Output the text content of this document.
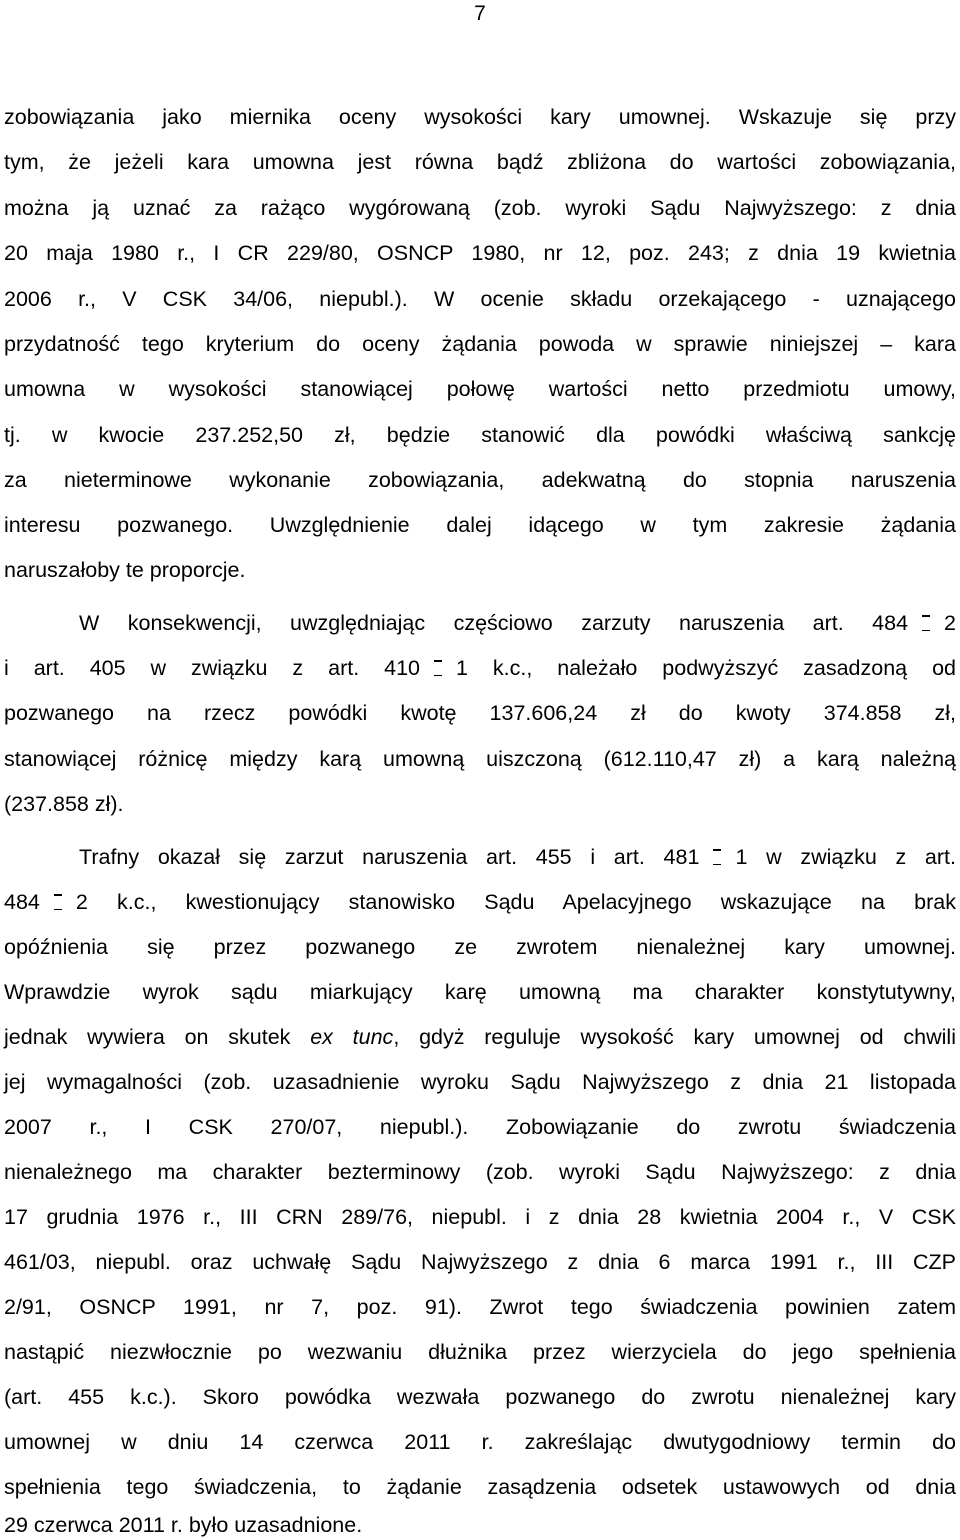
7
zobowiązania jako miernika oceny wysokości kary umownej. Wskazuje się przy
tym, że jeżeli kara umowna jest równa bądź zbliżona do wartości zobowiązania,
można ją uznać za rażąco wygórowaną (zob. wyroki Sądu Najwyższego: z dnia
20 maja 1980 r., I CR 229/80, OSNCP 1980, nr 12, poz. 243; z dnia 19 kwietnia
2006 r., V CSK 34/06, niepubl.). W ocenie składu orzekającego - uznającego
przydatność tego kryterium do oceny żądania powoda w sprawie niniejszej – kara
umowna w wysokości stanowiącej połowę wartości netto przedmiotu umowy,
tj. w kwocie 237.252,50 zł, będzie stanowić dla powódki właściwą sankcję
za nieterminowe wykonanie zobowiązania, adekwatną do stopnia naruszenia
interesu pozwanego. Uwzględnienie dalej idącego w tym zakresie żądania
naruszałoby te proporcje.
W konsekwencji, uwzględniając częściowo zarzuty naruszenia art. 484 2
i art. 405 w związku z art. 410 1 k.c., należało podwyższyć zasadzoną od
pozwanego na rzecz powódki kwotę 137.606,24 zł do kwoty 374.858 zł,
stanowiącej różnicę między karą umowną uiszczoną (612.110,47 zł) a karą należną
(237.858 zł).
Trafny okazał się zarzut naruszenia art. 455 i art. 481 1 w związku z art.
484 2 k.c., kwestionujący stanowisko Sądu Apelacyjnego wskazujące na brak
opóźnienia się przez pozwanego ze zwrotem nienależnej kary umownej.
Wprawdzie wyrok sądu miarkujący karę umowną ma charakter konstytutywny,
jednak wywiera on skutek ex tunc, gdyż reguluje wysokość kary umownej od chwili
jej wymagalności (zob. uzasadnienie wyroku Sądu Najwyższego z dnia 21 listopada
2007 r., I CSK 270/07, niepubl.). Zobowiązanie do zwrotu świadczenia
nienależnego ma charakter bezterminowy (zob. wyroki Sądu Najwyższego: z dnia
17 grudnia 1976 r., III CRN 289/76, niepubl. i z dnia 28 kwietnia 2004 r., V CSK
461/03, niepubl. oraz uchwałę Sądu Najwyższego z dnia 6 marca 1991 r., III CZP
2/91, OSNCP 1991, nr 7, poz. 91). Zwrot tego świadczenia powinien zatem
nastąpić niezwłocznie po wezwaniu dłużnika przez wierzyciela do jego spełnienia
(art. 455 k.c.). Skoro powódka wezwała pozwanego do zwrotu nienależnej kary
umownej w dniu 14 czerwca 2011 r. zakreślając dwutygodniowy termin do
spełnienia tego świadczenia, to żądanie zasądzenia odsetek ustawowych od dnia
29 czerwca 2011 r. było uzasadnione.
